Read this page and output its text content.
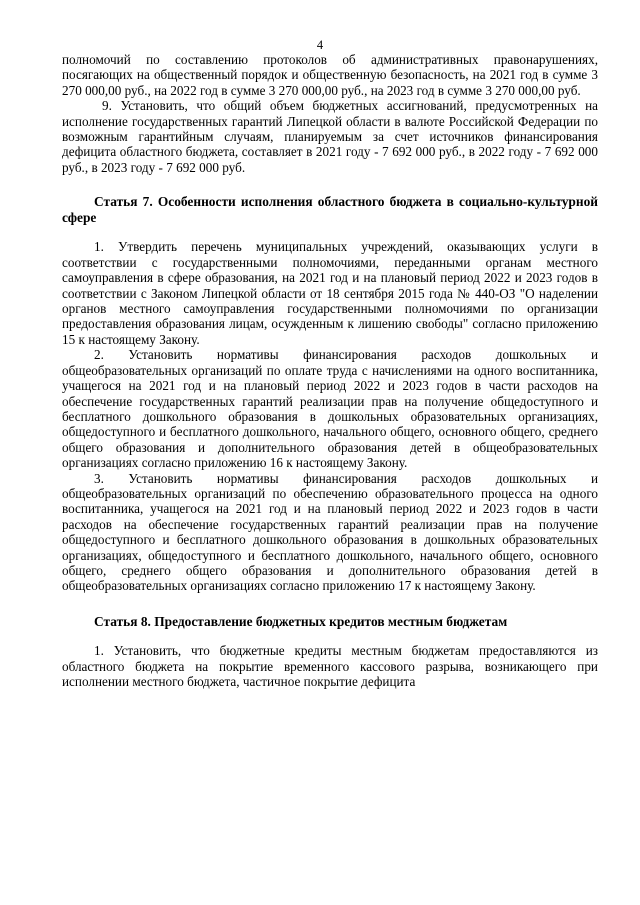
4

полномочий по составлению протоколов об административных правонарушениях, посягающих на общественный порядок и общественную безопасность, на 2021 год в сумме 3 270 000,00 руб., на 2022 год в сумме 3 270 000,00 руб., на 2023 год в сумме 3 270 000,00 руб.

9. Установить, что общий объем бюджетных ассигнований, предусмотренных на исполнение государственных гарантий Липецкой области в валюте Российской Федерации по возможным гарантийным случаям, планируемым за счет источников финансирования дефицита областного бюджета, составляет в 2021 году - 7 692 000 руб., в 2022 году - 7 692 000 руб., в 2023 году - 7 692 000 руб.

Статья 7. Особенности исполнения областного бюджета в социально-культурной сфере

1. Утвердить перечень муниципальных учреждений, оказывающих услуги в соответствии с государственными полномочиями, переданными органам местного самоуправления в сфере образования, на 2021 год и на плановый период 2022 и 2023 годов в соответствии с Законом Липецкой области от 18 сентября 2015 года № 440-ОЗ "О наделении органов местного самоуправления государственными полномочиями по организации предоставления образования лицам, осужденным к лишению свободы" согласно приложению 15 к настоящему Закону.

2. Установить нормативы финансирования расходов дошкольных и общеобразовательных организаций по оплате труда с начислениями на одного воспитанника, учащегося на 2021 год и на плановый период 2022 и 2023 годов в части расходов на обеспечение государственных гарантий реализации прав на получение общедоступного и бесплатного дошкольного образования в дошкольных образовательных организациях, общедоступного и бесплатного дошкольного, начального общего, основного общего, среднего общего образования и дополнительного образования детей в общеобразовательных организациях согласно приложению 16 к настоящему Закону.

3. Установить нормативы финансирования расходов дошкольных и общеобразовательных организаций по обеспечению образовательного процесса на одного воспитанника, учащегося на 2021 год и на плановый период 2022 и 2023 годов в части расходов на обеспечение государственных гарантий реализации прав на получение общедоступного и бесплатного дошкольного образования в дошкольных образовательных организациях, общедоступного и бесплатного дошкольного, начального общего, основного общего, среднего общего образования и дополнительного образования детей в общеобразовательных организациях согласно приложению 17 к настоящему Закону.

Статья 8. Предоставление бюджетных кредитов местным бюджетам

1. Установить, что бюджетные кредиты местным бюджетам предоставляются из областного бюджета на покрытие временного кассового разрыва, возникающего при исполнении местного бюджета, частичное покрытие дефицита
